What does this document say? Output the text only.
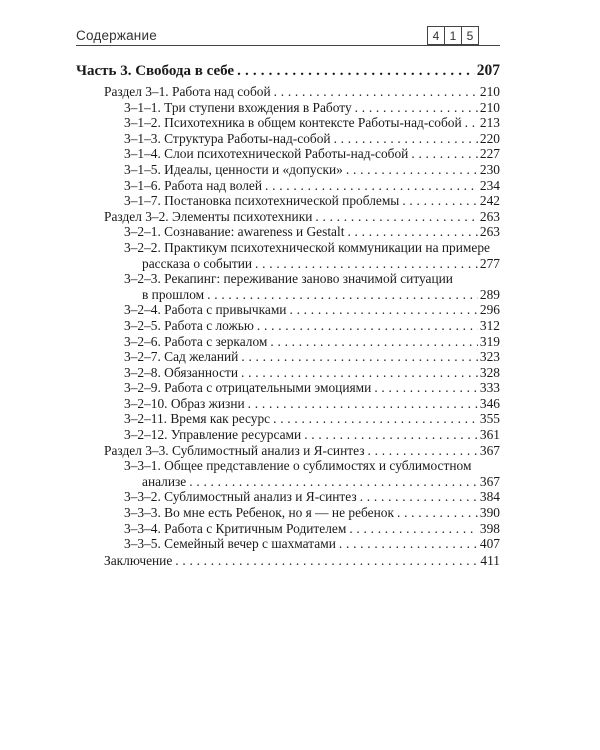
Содержание	4 1 5
Часть 3. Свобода в себе . . .	207
Раздел 3–1. Работа над собой . . .	210
3–1–1. Три ступени вхождения в Работу . . .	210
3–1–2. Психотехника в общем контексте Работы-над-собой . . . 213
3–1–3. Структура Работы-над-собой . . .	220
3–1–4. Слои психотехнической Работы-над-собой . . .	227
3–1–5. Идеалы, ценности и «допуски» . . .	230
3–1–6. Работа над волей . . .	234
3–1–7. Постановка психотехнической проблемы . . .	242
Раздел 3–2. Элементы психотехники . . .	263
3–2–1. Сознавание: awareness и Gestalt . . .	263
3–2–2. Практикум психотехнической коммуникации на примере
рассказа о событии . . .	277
3–2–3. Рекапинг: переживание заново значимой ситуации
в прошлом . . .	289
3–2–4. Работа с привычками . . .	296
3–2–5. Работа с ложью . . .	312
3–2–6. Работа с зеркалом . . .	319
3–2–7. Сад желаний . . .	323
3–2–8. Обязанности . . .	328
3–2–9. Работа с отрицательными эмоциями . . .	333
3–2–10. Образ жизни . . .	346
3–2–11. Время как ресурс . . .	355
3–2–12. Управление ресурсами . . .	361
Раздел 3–3. Сублимостный анализ и Я-синтез . . .	367
3–3–1. Общее представление о сублимостях и сублимостном
анализе . . .	367
3–3–2. Сублимостный анализ и Я-синтез . . .	384
3–3–3. Во мне есть Ребенок, но я — не ребенок . . .	390
3–3–4. Работа с Критичным Родителем . . .	398
3–3–5. Семейный вечер с шахматами . . .	407
Заключение . . .	411
